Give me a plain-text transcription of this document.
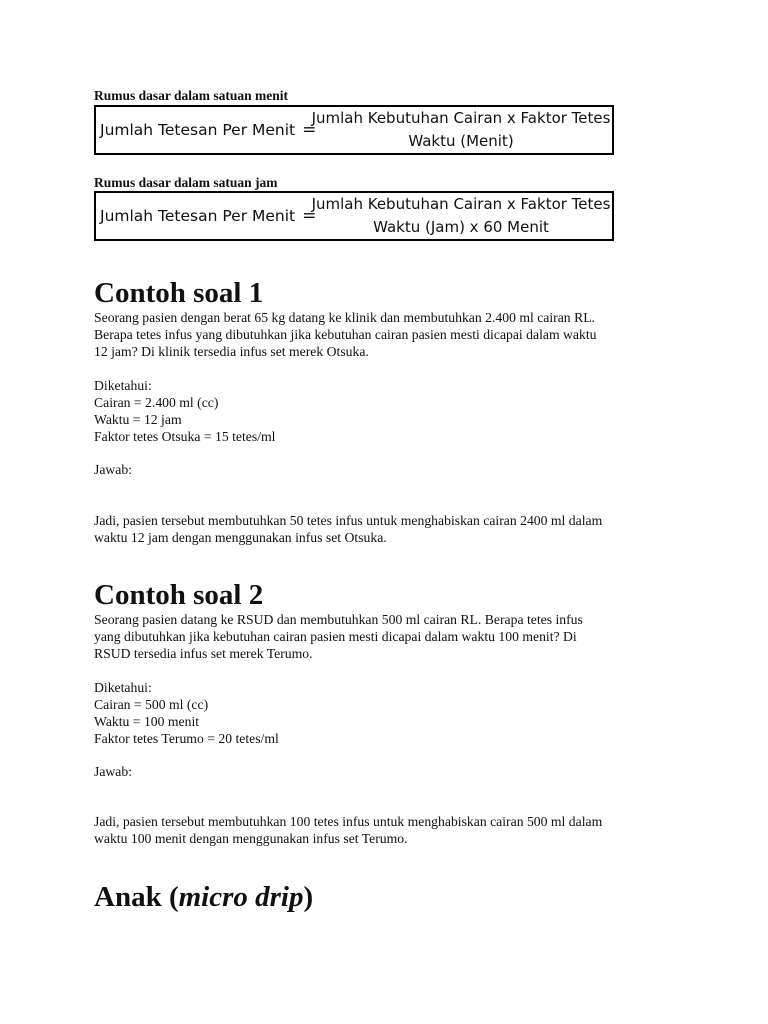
Rumus dasar dalam satuan menit
Jumlah Tetesan Per Menit =
Jumlah Kebutuhan Cairan x Faktor Tetes
Waktu (Menit)
Rumus dasar dalam satuan jam
Jumlah Tetesan Per Menit =
Jumlah Kebutuhan Cairan x Faktor Tetes
Waktu (Jam) x 60 Menit
Contoh soal 1
Seorang pasien dengan berat 65 kg datang ke klinik dan membutuhkan 2.400 ml cairan RL.
Berapa tetes infus yang dibutuhkan jika kebutuhan cairan pasien mesti dicapai dalam waktu
12 jam? Di klinik tersedia infus set merek Otsuka.
Diketahui:
Cairan = 2.400 ml (cc)
Waktu = 12 jam
Faktor tetes Otsuka = 15 tetes/ml
Jawab:
Jadi, pasien tersebut membutuhkan 50 tetes infus untuk menghabiskan cairan 2400 ml dalam
waktu 12 jam dengan menggunakan infus set Otsuka.
Contoh soal 2
Seorang pasien datang ke RSUD dan membutuhkan 500 ml cairan RL. Berapa tetes infus
yang dibutuhkan jika kebutuhan cairan pasien mesti dicapai dalam waktu 100 menit? Di
RSUD tersedia infus set merek Terumo.
Diketahui:
Cairan = 500 ml (cc)
Waktu = 100 menit
Faktor tetes Terumo = 20 tetes/ml
Jawab:
Jadi, pasien tersebut membutuhkan 100 tetes infus untuk menghabiskan cairan 500 ml dalam
waktu 100 menit dengan menggunakan infus set Terumo.
Anak (micro drip)
